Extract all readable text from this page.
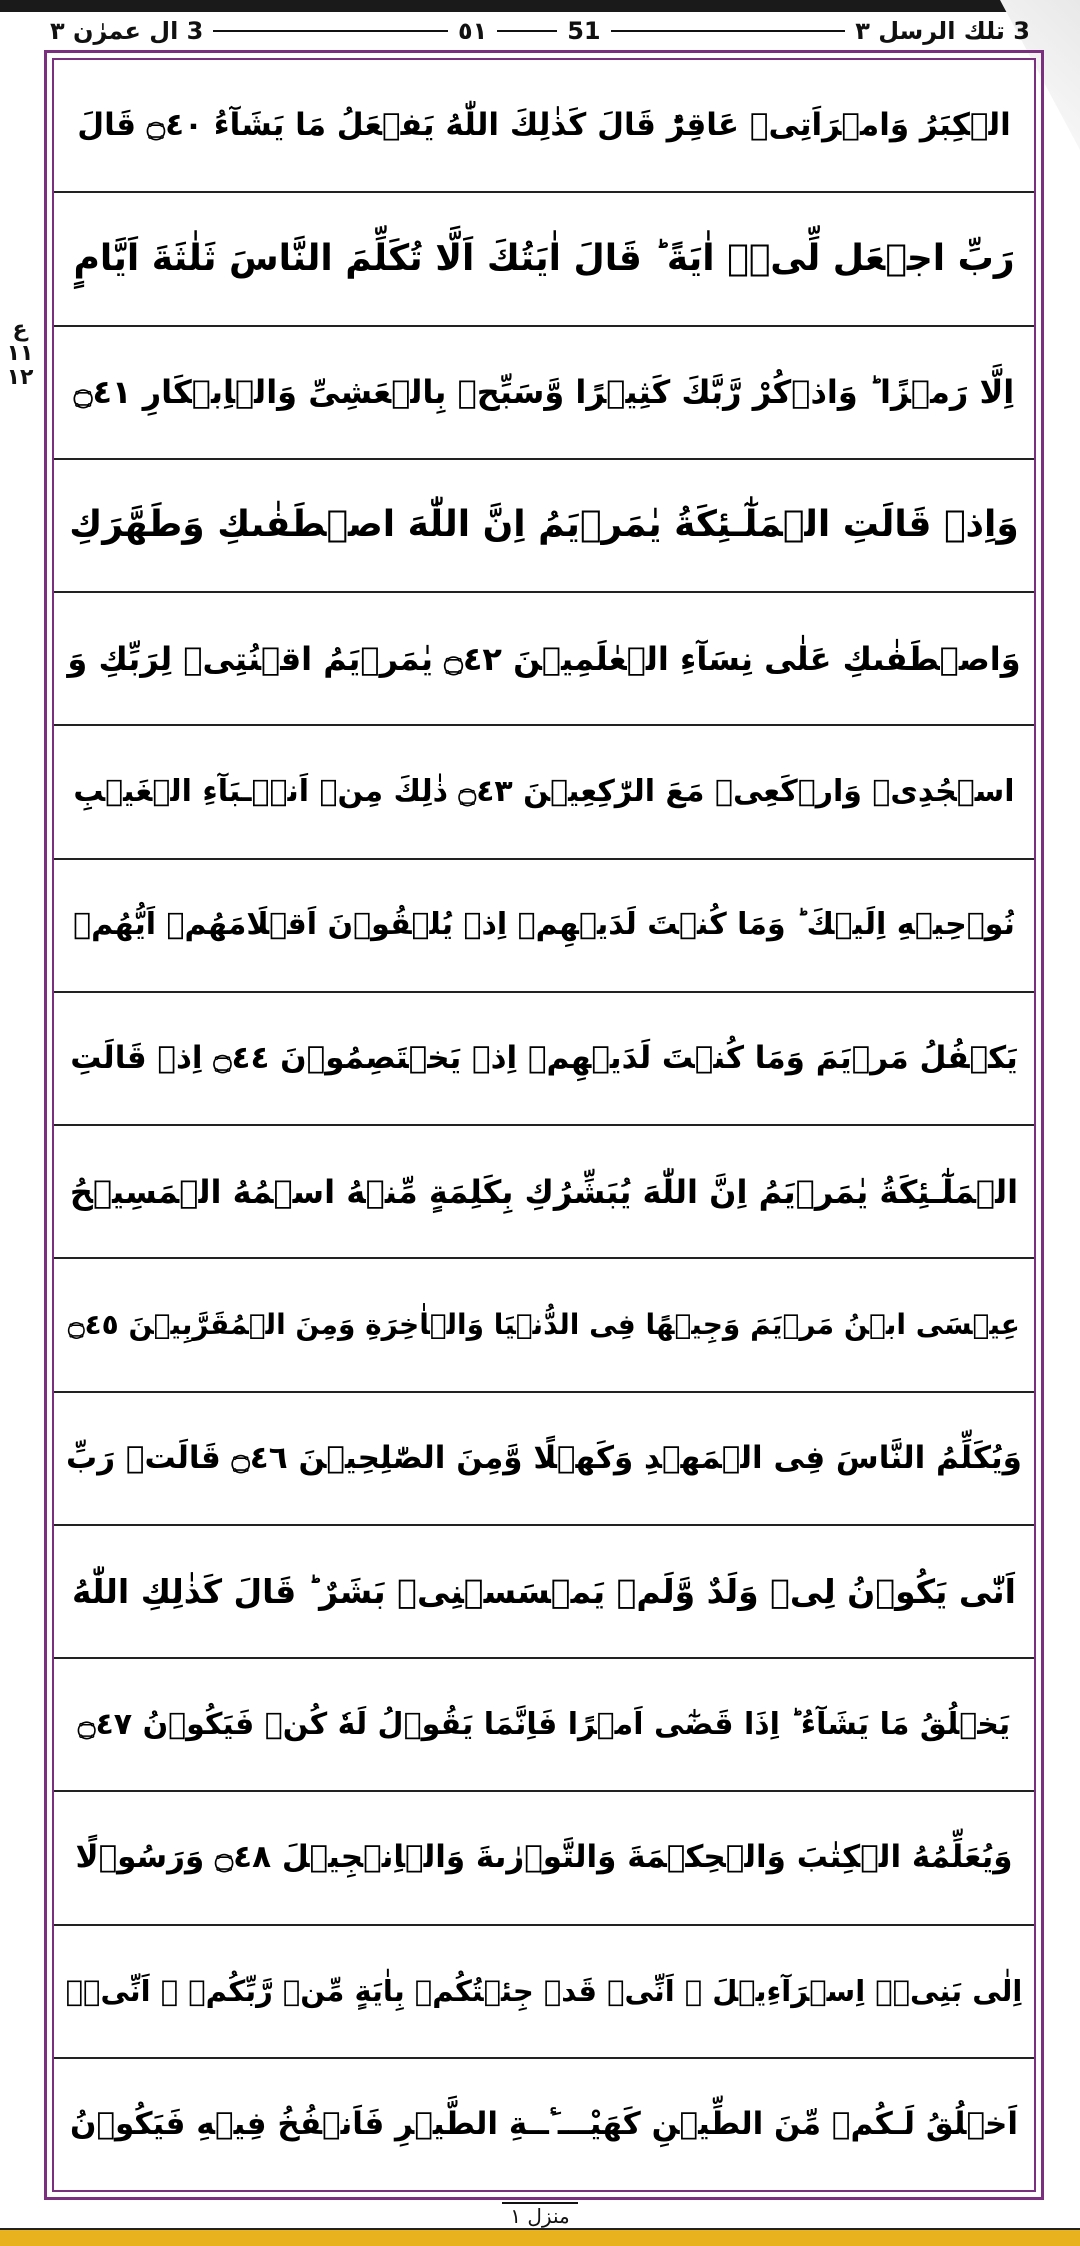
3 تلك الرسل ٣
51
٥١
3 ال عمرٰن ٣
ع
١١
١٢
الۡكِبَرُ وَامۡرَاَتِىۡ عَاقِرٌ‌ؕ قَالَ كَذٰلِكَ اللّٰهُ يَفۡعَلُ مَا يَشَآءُ ۝٤٠ قَالَ
رَبِّ اجۡعَل لِّىۡۤ اٰيَةً‌ ؕ قَالَ اٰيَتُكَ اَلَّا تُكَلِّمَ النَّاسَ ثَلٰثَةَ اَيَّامٍ
اِلَّا رَمۡزًا‌ ؕ وَاذۡكُرْ رَّبَّكَ كَثِيۡرًا وَّسَبِّحۡ بِالۡعَشِىِّ وَالۡاِبۡكَارِ ۝٤١
وَاِذۡ قَالَتِ الۡمَلٰٓـئِكَةُ يٰمَرۡيَمُ اِنَّ اللّٰهَ اصۡطَفٰٮكِ وَطَهَّرَكِ
وَاصۡطَفٰٮكِ عَلٰى نِسَآءِ الۡعٰلَمِيۡنَ ۝٤٢ يٰمَرۡيَمُ اقۡنُتِىۡ لِرَبِّكِ وَ
اسۡجُدِىۡ وَارۡكَعِىۡ مَعَ الرّٰكِعِيۡنَ ۝٤٣ ذٰلِكَ مِنۡ اَنۡۢـبَآءِ الۡغَيۡبِ
نُوۡحِيۡهِ اِلَيۡكَ‌ ؕ وَمَا كُنۡتَ لَدَيۡهِمۡ اِذۡ يُلۡقُوۡنَ اَقۡلَامَهُمۡ اَيُّهُمۡ
يَكۡفُلُ مَرۡيَمَ وَمَا كُنۡتَ لَدَيۡهِمۡ اِذۡ يَخۡتَصِمُوۡنَ ۝٤٤ اِذۡ قَالَتِ
الۡمَلٰٓـئِكَةُ يٰمَرۡيَمُ اِنَّ اللّٰهَ يُبَشِّرُكِ بِكَلِمَةٍ مِّنۡهُ اسۡمُهُ الۡمَسِيۡحُ
عِيۡسَى ابۡنُ مَرۡيَمَ وَجِيۡهًا فِى الدُّنۡيَا وَالۡاٰخِرَةِ وَمِنَ الۡمُقَرَّبِيۡنَ ۝٤٥
وَيُكَلِّمُ النَّاسَ فِى الۡمَهۡدِ وَكَهۡلًا وَّمِنَ الصّٰلِحِيۡنَ ۝٤٦ قَالَتۡ رَبِّ
اَنّٰى يَكُوۡنُ لِىۡ وَلَدٌ وَّلَمۡ يَمۡسَسۡنِىۡ بَشَرٌ‌ ؕ قَالَ كَذٰلِكِ اللّٰهُ
يَخۡلُقُ مَا يَشَآءُ‌ ؕ اِذَا قَضٰٓى اَمۡرًا فَاِنَّمَا يَقُوۡلُ لَهٗ كُنۡ فَيَكُوۡنُ ۝٤٧
وَيُعَلِّمُهُ الۡكِتٰبَ وَالۡحِكۡمَةَ وَالتَّوۡرٰٮةَ وَالۡاِنۡجِيۡلَ ۝٤٨ وَرَسُوۡلًا
اِلٰى بَنِىۡۤ اِسۡرَآءِيۡلَ ۙ اَنِّىۡ قَدۡ جِئۡتُكُمۡ بِاٰيَةٍ مِّنۡ رَّبِّكُمۡ ۙ اَنِّىۡۤ
اَخۡلُقُ لَـكُمۡ مِّنَ الطِّيۡنِ كَهَیْـــٴَــةِ الطَّيۡرِ فَاَنۡفُخُ فِيۡهِ فَيَكُوۡنُ
منزل ١
